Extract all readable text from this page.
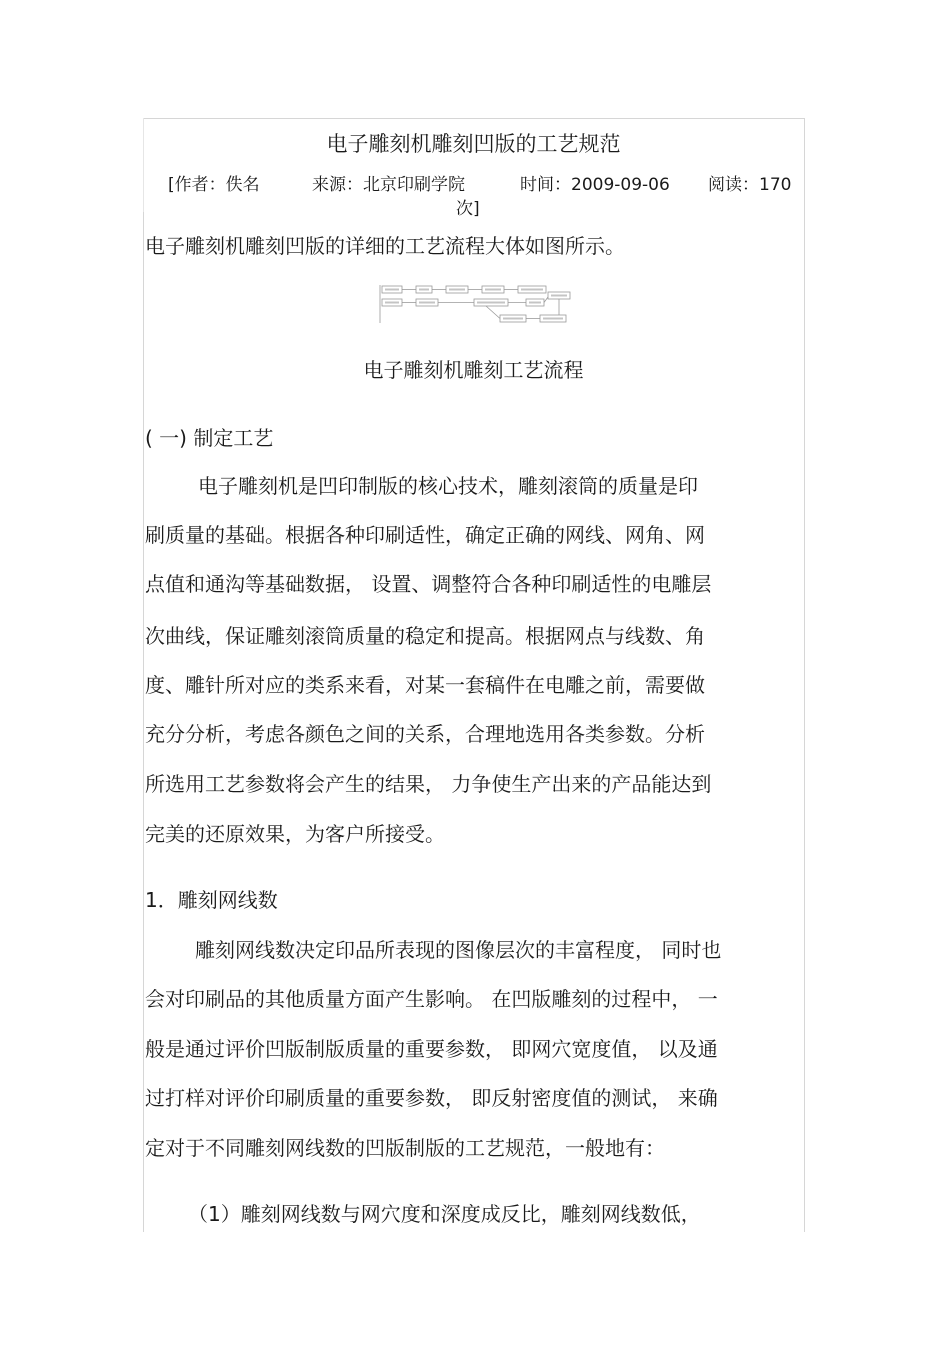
电子雕刻机雕刻凹版的工艺规范
[作者：佚名	来源：北京印刷学院	时间：2009-09-06 阅读：170
次]
电子雕刻机雕刻凹版的详细的工艺流程大体如图所示。
电子雕刻机雕刻工艺流程
( 一) 制定工艺
电子雕刻机是凹印制版的核心技术，雕刻滚筒的质量是印
刷质量的基础。根据各种印刷适性，确定正确的网线、网角、网
点值和通沟等基础数据， 设置、调整符合各种印刷适性的电雕层
次曲线，保证雕刻滚筒质量的稳定和提高。根据网点与线数、角
度、雕针所对应的类系来看，对某一套稿件在电雕之前，需要做
充分分析，考虑各颜色之间的关系，合理地选用各类参数。分析
所选用工艺参数将会产生的结果， 力争使生产出来的产品能达到
完美的还原效果，为客户所接受。
1．雕刻网线数
雕刻网线数决定印品所表现的图像层次的丰富程度， 同时也
会对印刷品的其他质量方面产生影响。 在凹版雕刻的过程中， 一
般是通过评价凹版制版质量的重要参数， 即网穴宽度值， 以及通
过打样对评价印刷质量的重要参数， 即反射密度值的测试， 来确
定对于不同雕刻网线数的凹版制版的工艺规范，一般地有：
（1）雕刻网线数与网穴度和深度成反比，雕刻网线数低，
